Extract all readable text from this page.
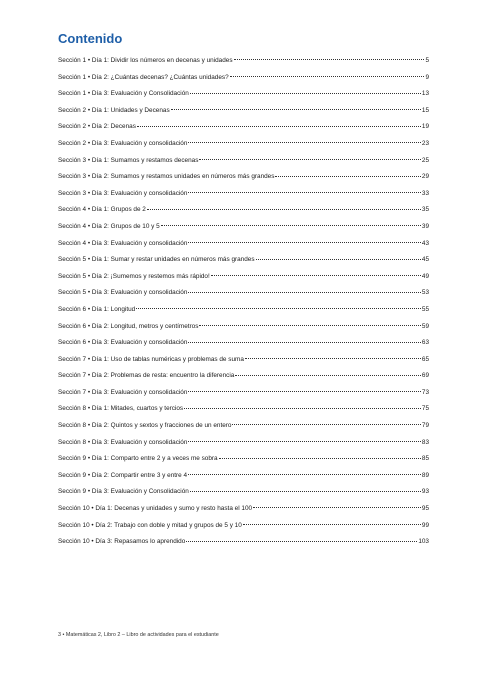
Contenido
Sección 1 • Día 1: Dividir los números en decenas y unidades	5
Sección 1 • Día 2: ¿Cuántas decenas? ¿Cuántas unidades?	9
Sección 1 • Día 3: Evaluación y Consolidación	13
Sección 2 • Día 1: Unidades y Decenas	15
Sección 2 • Día 2: Decenas	19
Sección 2 • Día 3: Evaluación y consolidación	23
Sección 3 • Día 1: Sumamos y restamos decenas	25
Sección 3 • Día 2: Sumamos y restamos unidades en números más grandes	29
Sección 3 • Día 3: Evaluación y consolidación	33
Sección 4 • Día 1: Grupos de 2	35
Sección 4 • Día 2: Grupos de 10 y 5	39
Sección 4 • Día 3: Evaluación y consolidación	43
Sección 5 • Día 1: Sumar y restar unidades en números más grandes	45
Sección 5 • Día 2: ¡Sumemos y restemos más rápido!	49
Sección 5 • Día 3: Evaluación y consolidación	53
Sección 6 • Día 1: Longitud	55
Sección 6 • Día 2: Longitud, metros y centímetros	59
Sección 6 • Día 3: Evaluación y consolidación	63
Sección 7 • Día 1: Uso de tablas numéricas y problemas de suma	65
Sección 7 • Día 2: Problemas de resta: encuentro la diferencia	69
Sección 7 • Día 3: Evaluación y consolidación	73
Sección 8 • Día 1: Mitades, cuartos y tercios	75
Sección 8 • Día 2: Quintos y sextos y fracciones de un entero	79
Sección 8 • Día 3: Evaluación y consolidación	83
Sección 9 • Día 1: Comparto entre 2 y a veces me sobra	85
Sección 9 • Día 2: Compartir entre 3 y entre 4	89
Sección 9 • Día 3: Evaluación y Consolidación	93
Sección 10 • Día 1: Decenas y unidades y sumo y resto hasta el 100	95
Sección 10 • Día 2: Trabajo con doble y mitad y grupos de 5 y 10	99
Sección 10 • Día 3: Repasamos lo aprendido	103
3 • Matemáticas 2, Libro 2 – Libro de actividades para el estudiante
